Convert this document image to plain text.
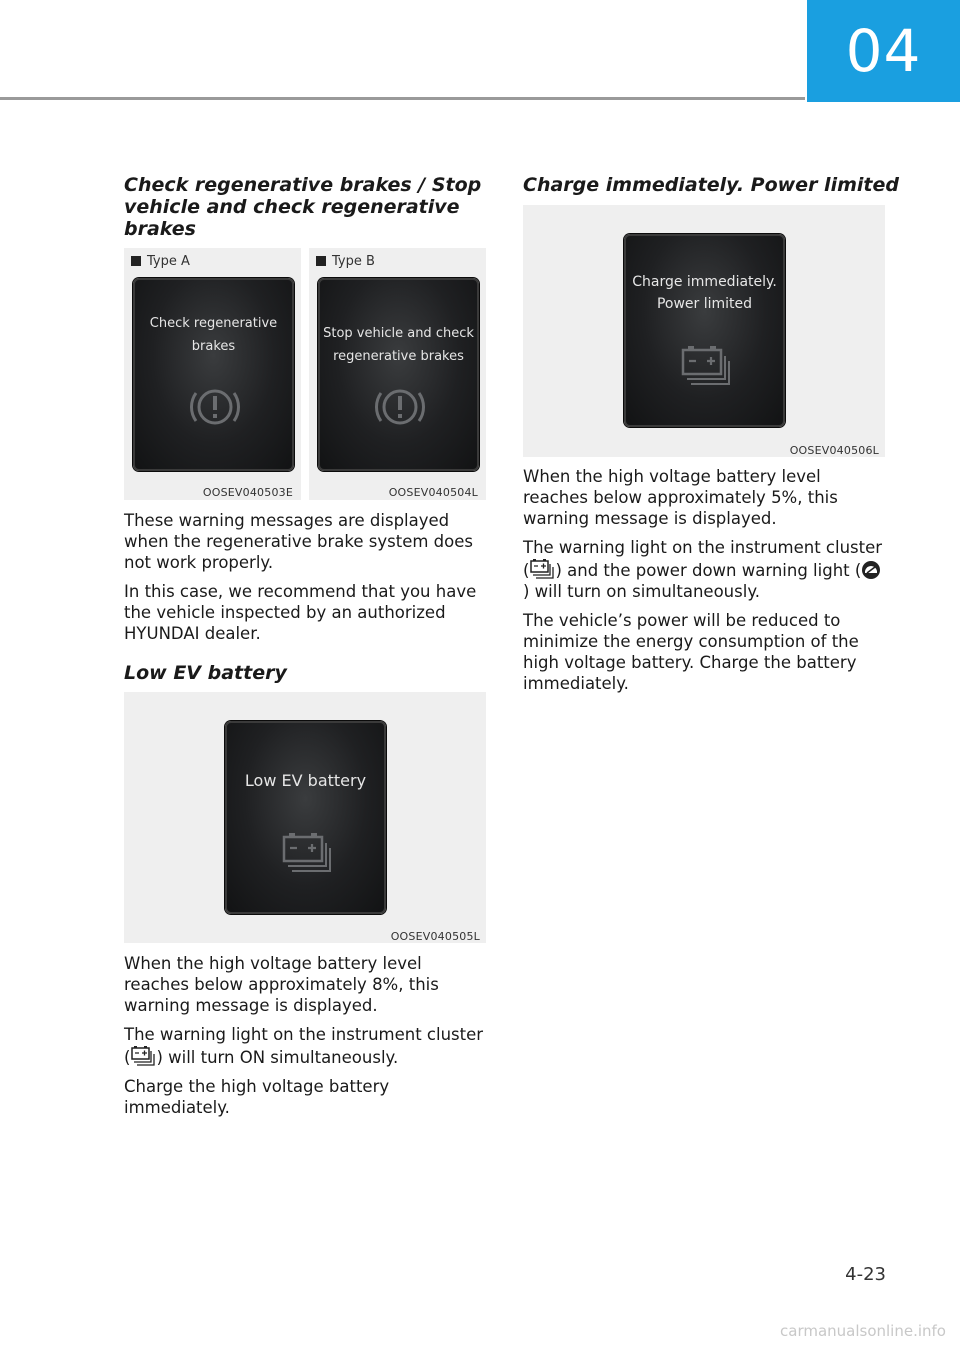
04
Check regenerative brakes / Stop vehicle and check regenerative brakes
Type A
Check regenerative brakes
OOSEV040503E
Type B
Stop vehicle and check regenerative brakes
OOSEV040504L

These warning messages are displayed when the regenerative brake system does not work properly.

In this case, we recommend that you have the vehicle inspected by an authorized HYUNDAI dealer.

Low EV battery
Low EV battery
OOSEV040505L

When the high voltage battery level reaches below approximately 8%, this warning message is displayed.

The warning light on the instrument cluster ( ) will turn ON simultaneously.

Charge the high voltage battery immediately.

Charge immediately. Power limited
Charge immediately.
Power limited
OOSEV040506L

When the high voltage battery level reaches below approximately 5%, this warning message is displayed.

The warning light on the instrument cluster ( ) and the power down warning light () will turn on simultaneously.

The vehicle’s power will be reduced to minimize the energy consumption of the high voltage battery. Charge the battery immediately.

4-23
carmanualsonline.info
